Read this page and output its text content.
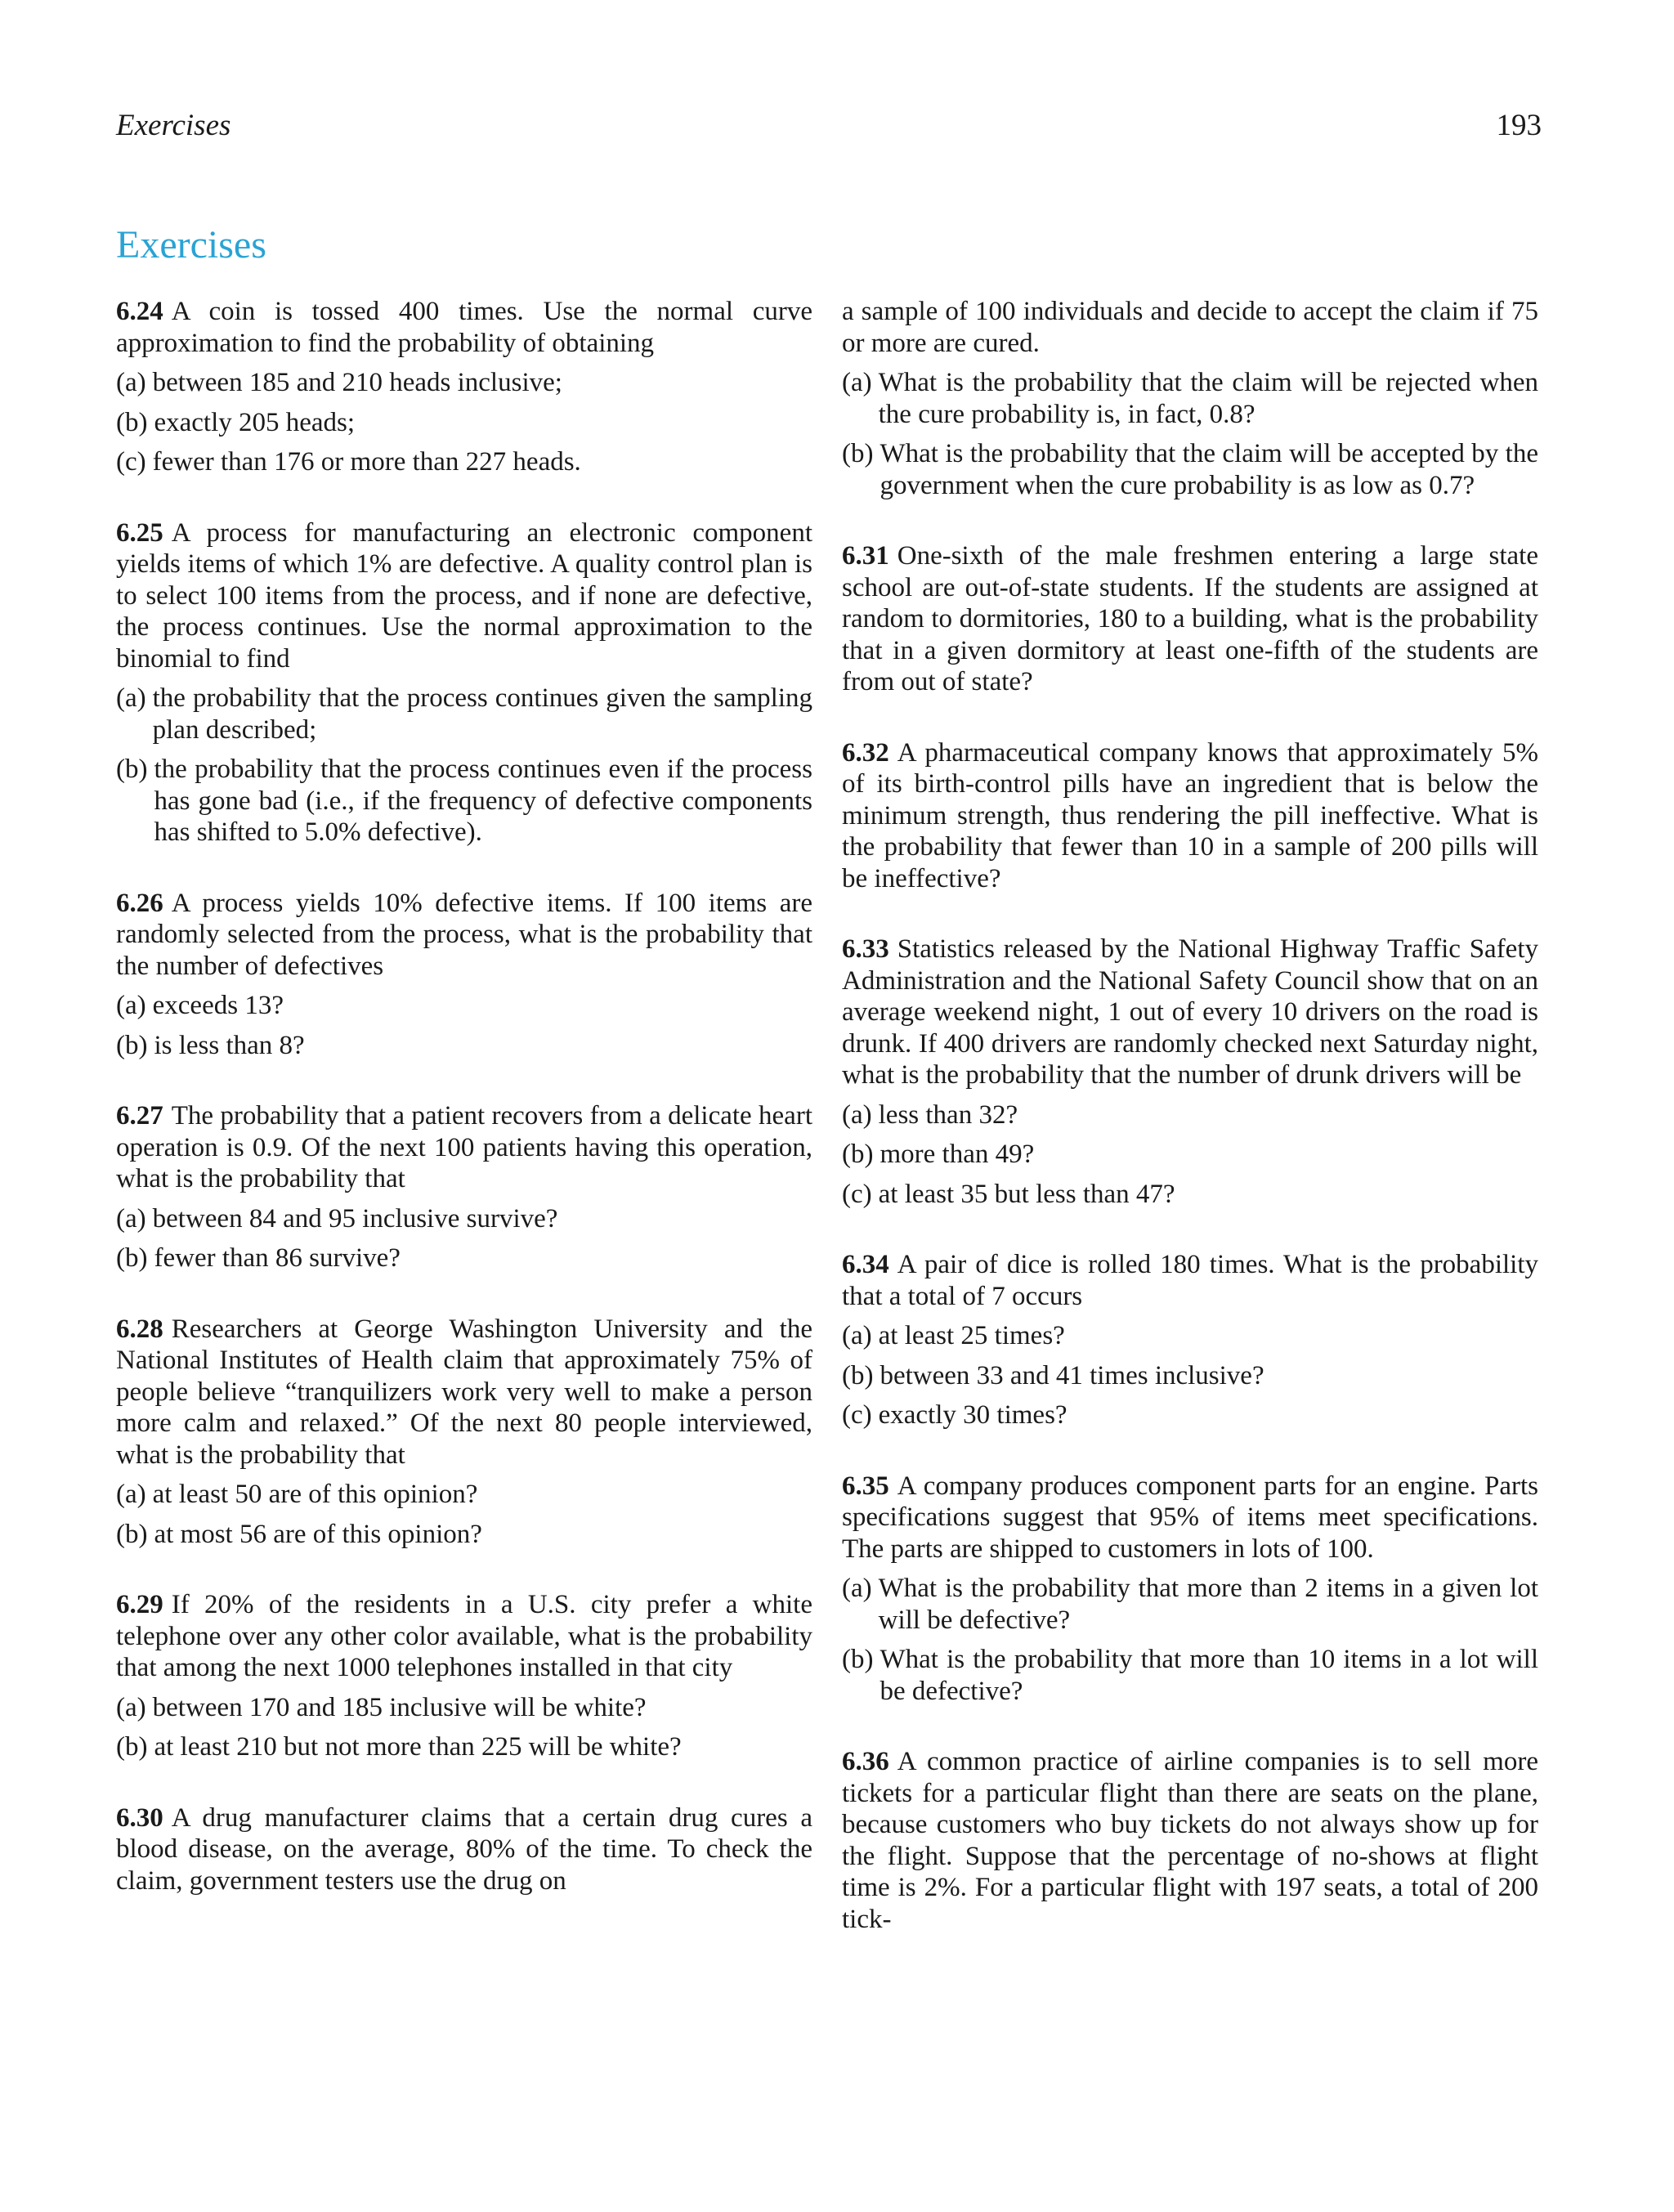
Exercises	193
Exercises

6.24 A coin is tossed 400 times. Use the normal curve approximation to find the probability of obtaining

(a) between 185 and 210 heads inclusive;
(b) exactly 205 heads;
(c) fewer than 176 or more than 227 heads.

6.25 A process for manufacturing an electronic component yields items of which 1% are defective. A quality control plan is to select 100 items from the process, and if none are defective, the process continues. Use the normal approximation to the binomial to find

(a) the probability that the process continues given the sampling plan described;
(b) the probability that the process continues even if the process has gone bad (i.e., if the frequency of defective components has shifted to 5.0% defective).

6.26 A process yields 10% defective items. If 100 items are randomly selected from the process, what is the probability that the number of defectives

(a) exceeds 13?
(b) is less than 8?

6.27 The probability that a patient recovers from a delicate heart operation is 0.9. Of the next 100 patients having this operation, what is the probability that

(a) between 84 and 95 inclusive survive?
(b) fewer than 86 survive?

6.28 Researchers at George Washington University and the National Institutes of Health claim that approximately 75% of people believe “tranquilizers work very well to make a person more calm and relaxed.” Of the next 80 people interviewed, what is the probability that

(a) at least 50 are of this opinion?
(b) at most 56 are of this opinion?

6.29 If 20% of the residents in a U.S. city prefer a white telephone over any other color available, what is the probability that among the next 1000 telephones installed in that city

(a) between 170 and 185 inclusive will be white?
(b) at least 210 but not more than 225 will be white?

6.30 A drug manufacturer claims that a certain drug cures a blood disease, on the average, 80% of the time. To check the claim, government testers use the drug on

a sample of 100 individuals and decide to accept the claim if 75 or more are cured.

(a) What is the probability that the claim will be rejected when the cure probability is, in fact, 0.8?
(b) What is the probability that the claim will be accepted by the government when the cure probability is as low as 0.7?

6.31 One-sixth of the male freshmen entering a large state school are out-of-state students. If the students are assigned at random to dormitories, 180 to a building, what is the probability that in a given dormitory at least one-fifth of the students are from out of state?

6.32 A pharmaceutical company knows that approximately 5% of its birth-control pills have an ingredient that is below the minimum strength, thus rendering the pill ineffective. What is the probability that fewer than 10 in a sample of 200 pills will be ineffective?

6.33 Statistics released by the National Highway Traffic Safety Administration and the National Safety Council show that on an average weekend night, 1 out of every 10 drivers on the road is drunk. If 400 drivers are randomly checked next Saturday night, what is the probability that the number of drunk drivers will be

(a) less than 32?
(b) more than 49?
(c) at least 35 but less than 47?

6.34 A pair of dice is rolled 180 times. What is the probability that a total of 7 occurs

(a) at least 25 times?
(b) between 33 and 41 times inclusive?
(c) exactly 30 times?

6.35 A company produces component parts for an engine. Parts specifications suggest that 95% of items meet specifications. The parts are shipped to customers in lots of 100.

(a) What is the probability that more than 2 items in a given lot will be defective?
(b) What is the probability that more than 10 items in a lot will be defective?

6.36 A common practice of airline companies is to sell more tickets for a particular flight than there are seats on the plane, because customers who buy tickets do not always show up for the flight. Suppose that the percentage of no-shows at flight time is 2%. For a particular flight with 197 seats, a total of 200 tick-
